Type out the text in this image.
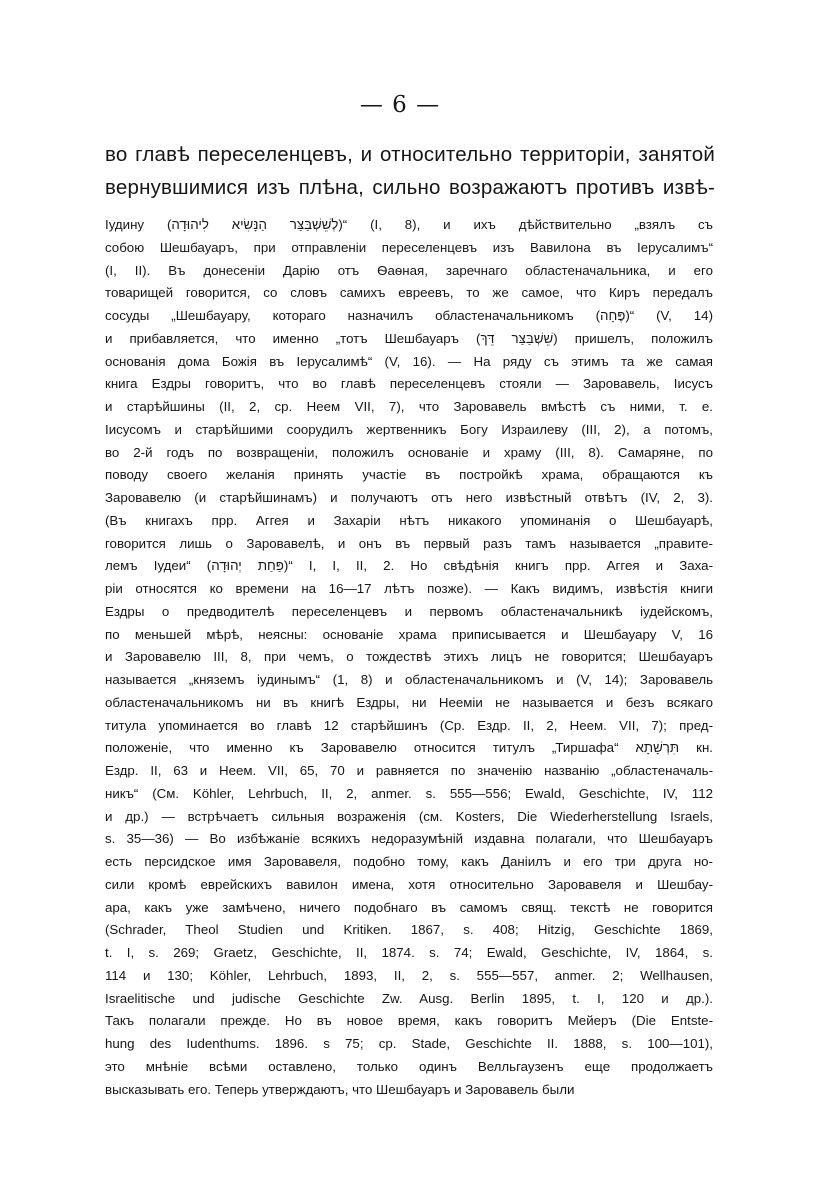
— 6 —
во главѣ переселенцевъ, и относительно территоріи, занятой
вернувшимися изъ плѣна, сильно возражаютъ противъ извѣ-
Іудину (לְשֵׁשְׁבַּצַּר הַנָּשִׂיא לִיהוּדָה)“ (I, 8), и ихъ дѣйствительно „взялъ съ
собою Шешбауаръ, при отправленіи переселенцевъ изъ Вавилона въ Іерусалимъ“
(I, II). Въ донесеніи Дарію отъ Ѳаѳная, заречнаго областеначальника, и его
товарищей говорится, со словъ самихъ евреевъ, то же самое, что Киръ передалъ
сосуды „Шешбауару, котораго назначилъ областеначальникомъ (פֶּחָה)“ (V, 14)
и прибавляется, что именно „тотъ Шешбауаръ (שֵׁשְׁבַּצַּר דֵּךְ) пришелъ, положилъ
основанія дома Божія въ Іерусалимѣ“ (V, 16). — На ряду съ этимъ та же самая
книга Ездры говоритъ, что во главѣ переселенцевъ стояли — Заровавель, Іисусъ
и старѣйшины (II, 2, ср. Неем VII, 7), что Заровавель вмѣстѣ съ ними, т. е.
Іисусомъ и старѣйшими соорудилъ жертвенникъ Богу Израилеву (III, 2), а потомъ,
во 2-й годъ по возвращеніи, положилъ основаніе и храму (III, 8). Самаряне, по
поводу своего желанія принять участіе въ постройкѣ храма, обращаются къ
Заровавелю (и старѣйшинамъ) и получаютъ отъ него извѣстный отвѣтъ (IV, 2, 3).
(Въ книгахъ прр. Аггея и Захаріи нѣтъ никакого упоминанія о Шешбауарѣ,
говорится лишь о Заровавелѣ, и онъ въ первый разъ тамъ называется „правите-
лемъ Іудеи“ (פַּחַת יְהוּדָה)“ I, I, II, 2. Но свѣдѣнія книгъ прр. Аггея и Заха-
ріи относятся ко времени на 16—17 лѣтъ позже). — Какъ видимъ, извѣстія книги
Ездры о предводителѣ переселенцевъ и первомъ областеначальникѣ іудейскомъ,
по меньшей мѣрѣ, неясны: основаніе храма приписывается и Шешбауару V, 16
и Заровавелю III, 8, при чемъ, о тождествѣ этихъ лицъ не говорится; Шешбауаръ
называется „княземъ іудинымъ“ (1, 8) и областеначальникомъ и (V, 14); Заровавель
областеначальникомъ ни въ книгѣ Ездры, ни Нееміи не называется и безъ всякаго
титула упоминается во главѣ 12 старѣйшинъ (Ср. Ездр. II, 2, Неем. VII, 7); пред-
положеніе, что именно къ Заровавелю относится титулъ „Тиршафа“ תִּרְשָׁתָא кн.
Ездр. II, 63 и Неем. VII, 65, 70 и равняется по значенію названію „областеначаль-
никъ“ (См. Köhler, Lehrbuch, II, 2, anmer. s. 555—556; Ewald, Geschichte, IV, 112
и др.) — встрѣчаетъ сильныя возраженія (см. Kosters, Die Wiederherstellung Israels,
s. 35—36) — Во избѣжаніе всякихъ недоразумѣній издавна полагали, что Шешбауаръ
есть персидское имя Заровавеля, подобно тому, какъ Даніилъ и его три друга но-
сили кромѣ еврейскихъ вавилон имена, хотя относительно Заровавеля и Шешбау-
ара, какъ уже замѣчено, ничего подобнаго въ самомъ свящ. текстѣ не говорится
(Schrader, Theol Studien und Kritiken. 1867, s. 408; Hitzig, Geschichte 1869,
t. I, s. 269; Graetz, Geschichte, II, 1874. s. 74; Ewald, Geschichte, IV, 1864, s.
114 и 130; Köhler, Lehrbuch, 1893, II, 2, s. 555—557, anmer. 2; Wellhausen,
Israelitische und judische Geschichte Zw. Ausg. Berlin 1895, t. I, 120 и др.).
Такъ полагали прежде. Но въ новое время, какъ говоритъ Мейеръ (Die Entste-
hung des Iudenthums. 1896. s 75; ср. Stade, Geschichte II. 1888, s. 100—101),
это мнѣніе всѣми оставлено, только одинъ Велльгаузенъ еще продолжаетъ
высказывать его. Теперь утверждаютъ, что Шешбауаръ и Заровавель были
